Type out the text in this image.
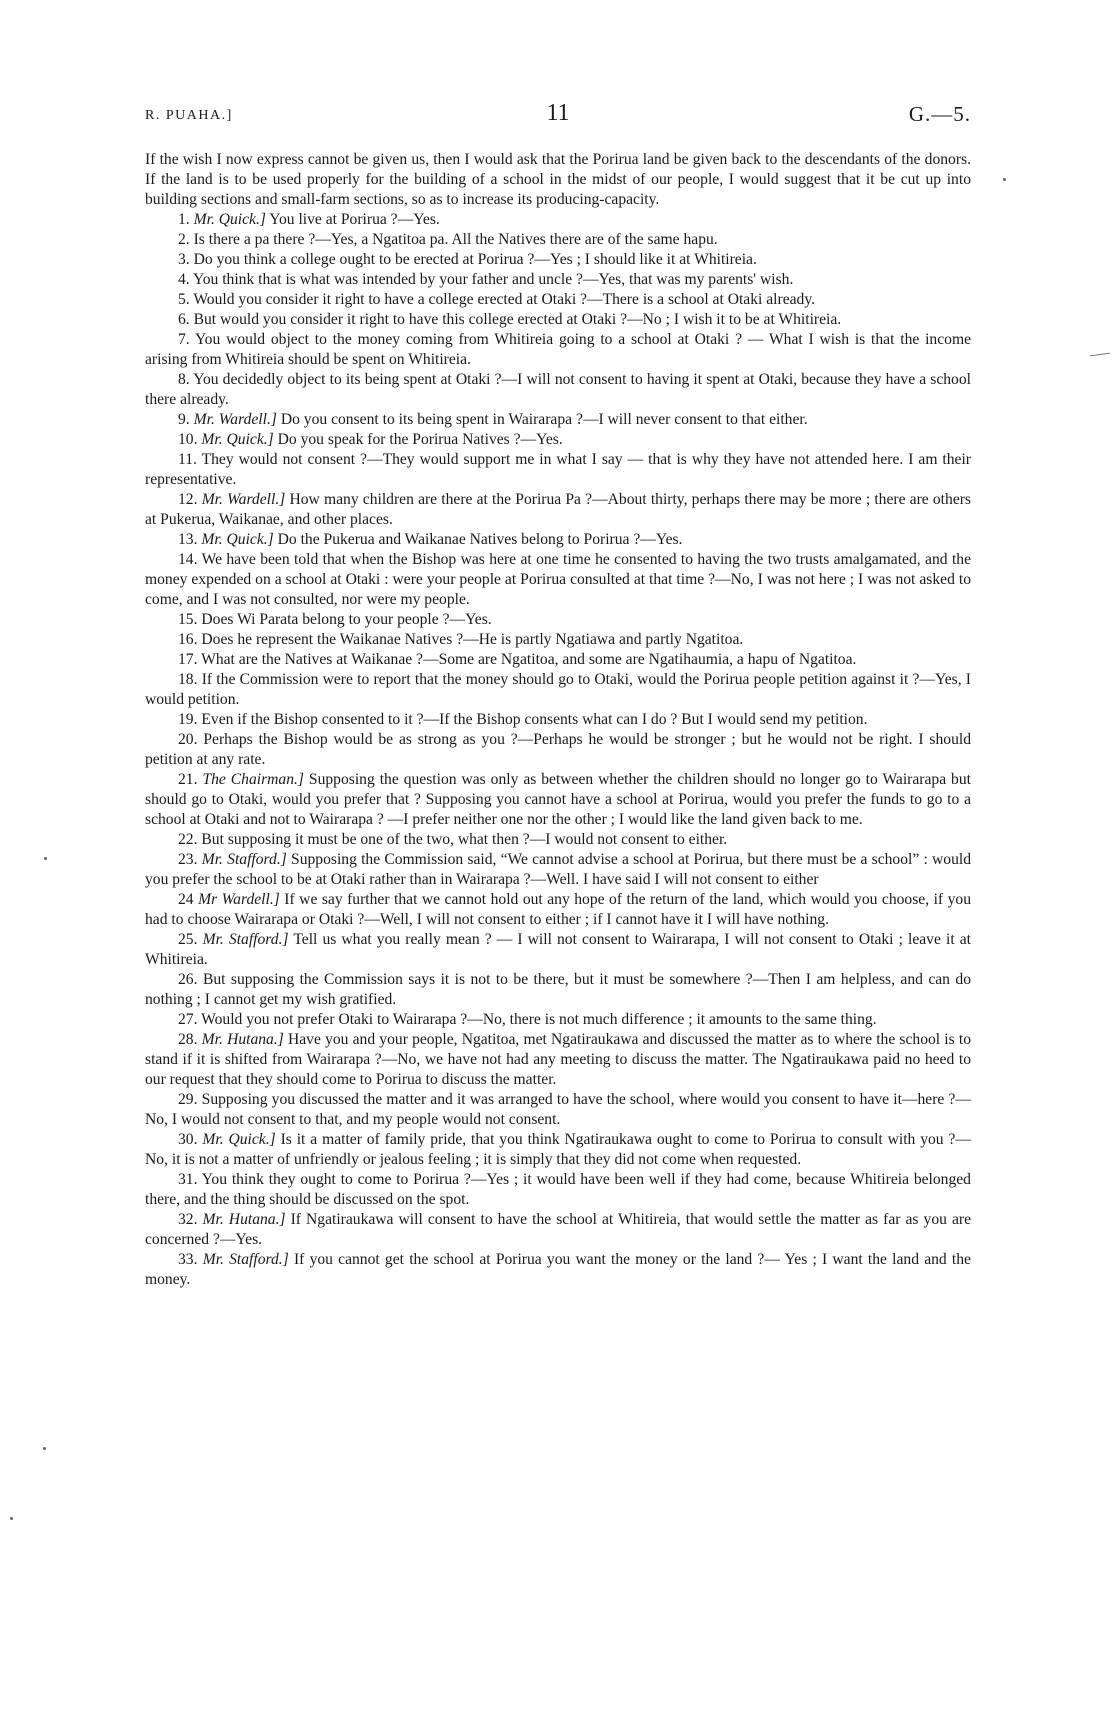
R. PUAHA.]	11	G.—5.

If the wish I now express cannot be given us, then I would ask that the Porirua land be given back to the descendants of the donors. If the land is to be used properly for the building of a school in the midst of our people, I would suggest that it be cut up into building sections and small-farm sections, so as to increase its producing-capacity.

1. Mr. Quick.] You live at Porirua ?—Yes.

2. Is there a pa there ?—Yes, a Ngatitoa pa. All the Natives there are of the same hapu.

3. Do you think a college ought to be erected at Porirua ?—Yes ; I should like it at Whitireia.

4. You think that is what was intended by your father and uncle ?—Yes, that was my parents' wish.

5. Would you consider it right to have a college erected at Otaki ?—There is a school at Otaki already.

6. But would you consider it right to have this college erected at Otaki ?—No ; I wish it to be at Whitireia.

7. You would object to the money coming from Whitireia going to a school at Otaki ? — What I wish is that the income arising from Whitireia should be spent on Whitireia.

8. You decidedly object to its being spent at Otaki ?—I will not consent to having it spent at Otaki, because they have a school there already.

9. Mr. Wardell.] Do you consent to its being spent in Wairarapa ?—I will never consent to that either.

10. Mr. Quick.] Do you speak for the Porirua Natives ?—Yes.

11. They would not consent ?—They would support me in what I say — that is why they have not attended here. I am their representative.

12. Mr. Wardell.] How many children are there at the Porirua Pa ?—About thirty, perhaps there may be more ; there are others at Pukerua, Waikanae, and other places.

13. Mr. Quick.] Do the Pukerua and Waikanae Natives belong to Porirua ?—Yes.

14. We have been told that when the Bishop was here at one time he consented to having the two trusts amalgamated, and the money expended on a school at Otaki : were your people at Porirua consulted at that time ?—No, I was not here ; I was not asked to come, and I was not consulted, nor were my people.

15. Does Wi Parata belong to your people ?—Yes.

16. Does he represent the Waikanae Natives ?—He is partly Ngatiawa and partly Ngatitoa.

17. What are the Natives at Waikanae ?—Some are Ngatitoa, and some are Ngatihaumia, a hapu of Ngatitoa.

18. If the Commission were to report that the money should go to Otaki, would the Porirua people petition against it ?—Yes, I would petition.

19. Even if the Bishop consented to it ?—If the Bishop consents what can I do ? But I would send my petition.

20. Perhaps the Bishop would be as strong as you ?—Perhaps he would be stronger ; but he would not be right. I should petition at any rate.

21. The Chairman.] Supposing the question was only as between whether the children should no longer go to Wairarapa but should go to Otaki, would you prefer that ? Supposing you cannot have a school at Porirua, would you prefer the funds to go to a school at Otaki and not to Wairarapa ? —I prefer neither one nor the other ; I would like the land given back to me.

22. But supposing it must be one of the two, what then ?—I would not consent to either.

23. Mr. Stafford.] Supposing the Commission said, “We cannot advise a school at Porirua, but there must be a school” : would you prefer the school to be at Otaki rather than in Wairarapa ?—Well. I have said I will not consent to either

24 Mr Wardell.] If we say further that we cannot hold out any hope of the return of the land, which would you choose, if you had to choose Wairarapa or Otaki ?—Well, I will not consent to either ; if I cannot have it I will have nothing.

25. Mr. Stafford.] Tell us what you really mean ? — I will not consent to Wairarapa, I will not consent to Otaki ; leave it at Whitireia.

26. But supposing the Commission says it is not to be there, but it must be somewhere ?—Then I am helpless, and can do nothing ; I cannot get my wish gratified.

27. Would you not prefer Otaki to Wairarapa ?—No, there is not much difference ; it amounts to the same thing.

28. Mr. Hutana.] Have you and your people, Ngatitoa, met Ngatiraukawa and discussed the matter as to where the school is to stand if it is shifted from Wairarapa ?—No, we have not had any meeting to discuss the matter. The Ngatiraukawa paid no heed to our request that they should come to Porirua to discuss the matter.

29. Supposing you discussed the matter and it was arranged to have the school, where would you consent to have it—here ?—No, I would not consent to that, and my people would not consent.

30. Mr. Quick.] Is it a matter of family pride, that you think Ngatiraukawa ought to come to Porirua to consult with you ?—No, it is not a matter of unfriendly or jealous feeling ; it is simply that they did not come when requested.

31. You think they ought to come to Porirua ?—Yes ; it would have been well if they had come, because Whitireia belonged there, and the thing should be discussed on the spot.

32. Mr. Hutana.] If Ngatiraukawa will consent to have the school at Whitireia, that would settle the matter as far as you are concerned ?—Yes.

33. Mr. Stafford.] If you cannot get the school at Porirua you want the money or the land ?— Yes ; I want the land and the money.
